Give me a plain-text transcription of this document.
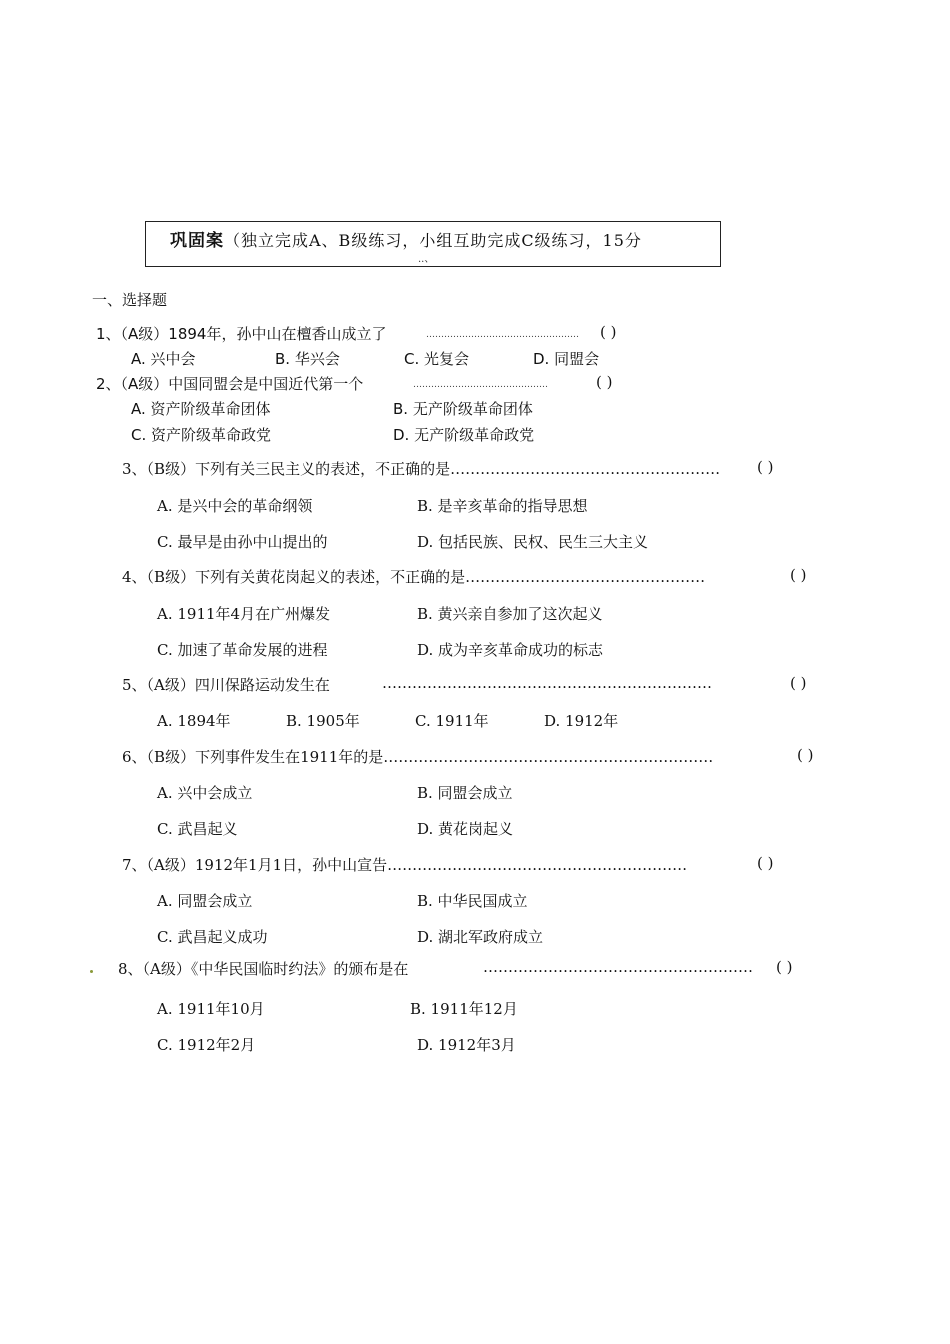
巩固案（独立完成A、B级练习，小组互助完成C级练习，15分
..、
一、选择题
1、（A级）1894年，孙中山在檀香山成立了	…………………………………………… ( )
A. 兴中会	B. 华兴会	C. 光复会	D. 同盟会
2、（A级）中国同盟会是中国近代第一个	………………………………………	( )
A. 资产阶级革命团体	B. 无产阶级革命团体
C. 资产阶级革命政党	D. 无产阶级革命政党
3、（B级）下列有关三民主义的表述，不正确的是……………………………………………… ( )
A. 是兴中会的革命纲领	B. 是辛亥革命的指导思想
C. 最早是由孙中山提出的	D. 包括民族、民权、民生三大主义
4、（B级）下列有关黄花岗起义的表述，不正确的是…………………………………………	( )
A. 1911年4月在广州爆发	B. 黄兴亲自参加了这次起义
C. 加速了革命发展的进程	D. 成为辛亥革命成功的标志
5、（A级）四川保路运动发生在	…………………………………………………………	( )
A. 1894年	B. 1905年	C. 1911年	D. 1912年
6、（B级）下列事件发生在1911年的是…………………………………………………………	( )
A. 兴中会成立	B. 同盟会成立
C. 武昌起义	D. 黄花岗起义
7、（A级）1912年1月1日，孙中山宣告……………………………………………………	( )
A. 同盟会成立	B. 中华民国成立
C. 武昌起义成功	D. 湖北军政府成立
8、（A级）《中华民国临时约法》的颁布是在	……………………………………………… ( )
A. 1911年10月	B. 1911年12月
C. 1912年2月	D. 1912年3月
